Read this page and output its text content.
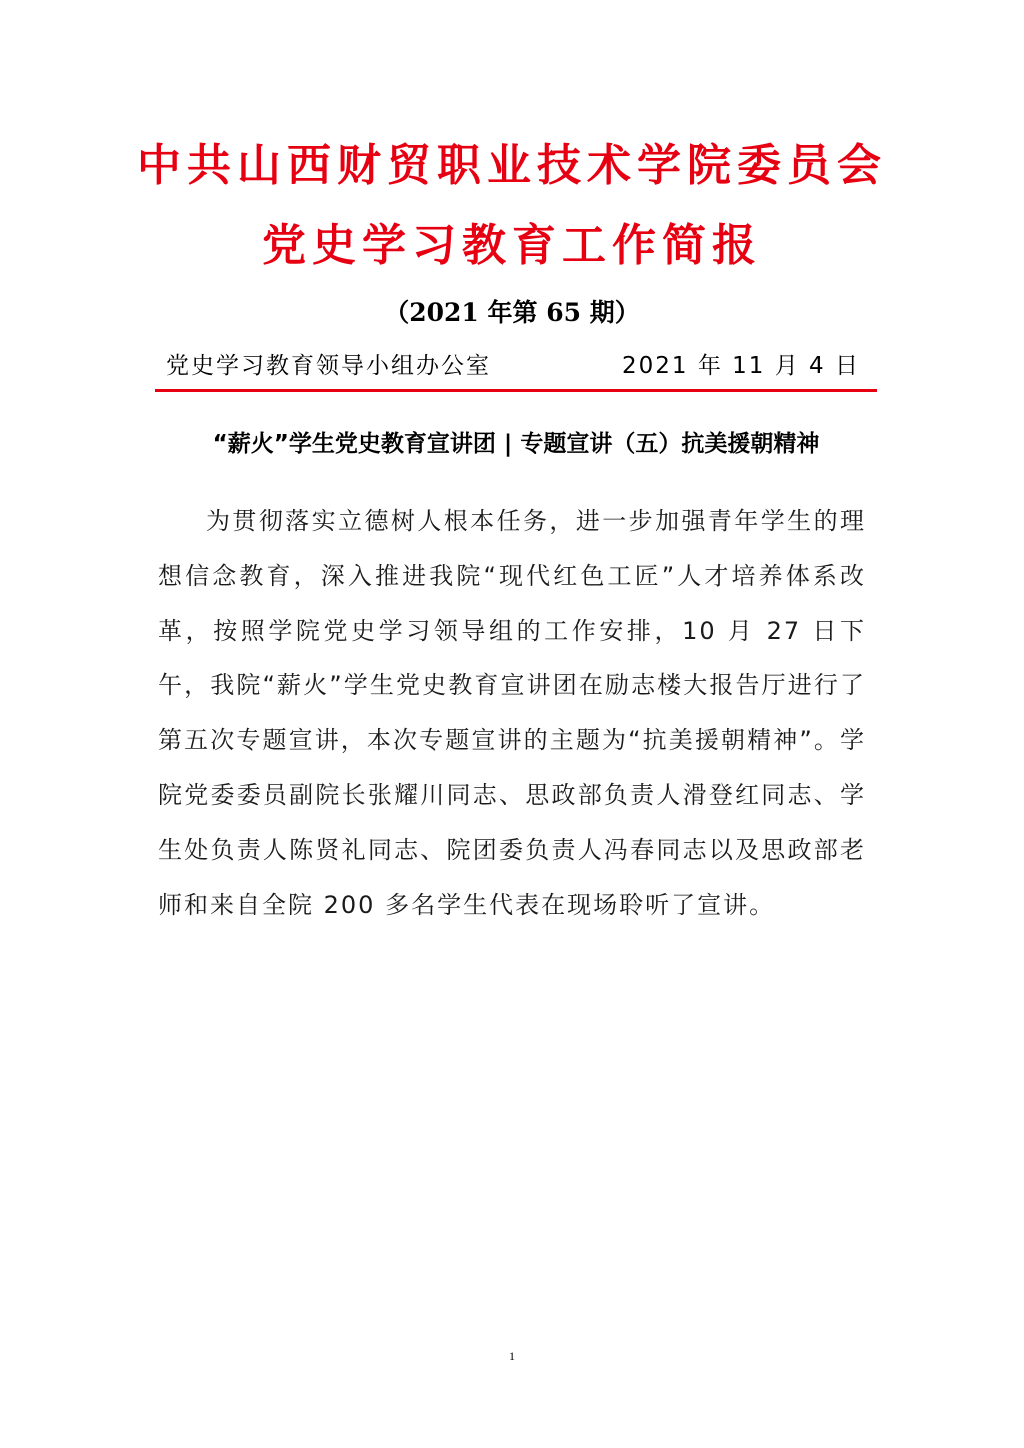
中共山西财贸职业技术学院委员会
党史学习教育工作简报
（2021 年第 65 期）
党史学习教育领导小组办公室	2021 年 11 月 4 日
“薪火”学生党史教育宣讲团 | 专题宣讲（五）抗美援朝精神

为贯彻落实立德树人根本任务，进一步加强青年学生的理想信念教育，深入推进我院“现代红色工匠”人才培养体系改革，按照学院党史学习领导组的工作安排，10 月 27 日下午，我院“薪火”学生党史教育宣讲团在励志楼大报告厅进行了第五次专题宣讲，本次专题宣讲的主题为“抗美援朝精神”。学院党委委员副院长张耀川同志、思政部负责人滑登红同志、学生处负责人陈贤礼同志、院团委负责人冯春同志以及思政部老师和来自全院 200 多名学生代表在现场聆听了宣讲。

1
